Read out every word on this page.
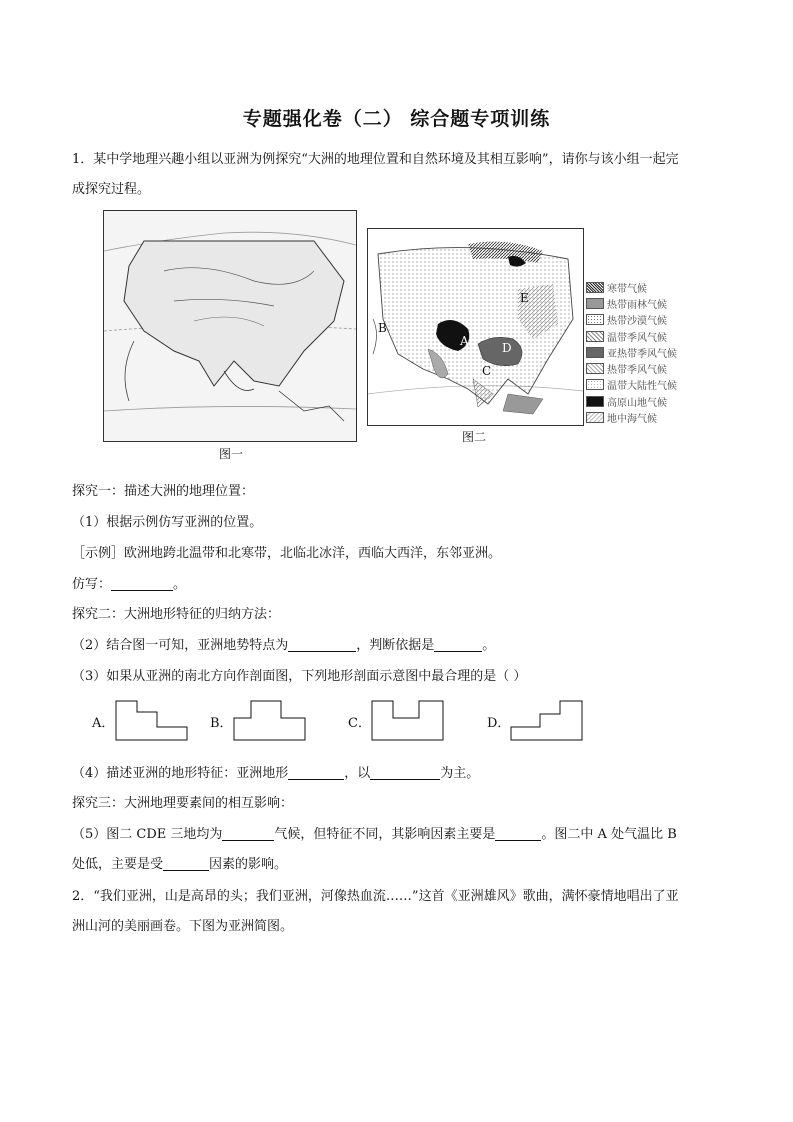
专题强化卷（二） 综合题专项训练
1．某中学地理兴趣小组以亚洲为例探究“大洲的地理位置和自然环境及其相互影响”，请你与该小组一起完
成探究过程。
图一
A
B
C
D
E
图二
寒带气候
热带雨林气候
热带沙漠气候
温带季风气候
亚热带季风气候
热带季风气候
温带大陆性气候
高原山地气候
地中海气候
探究一：描述大洲的地理位置：
（1）根据示例仿写亚洲的位置。
［示例］欧洲地跨北温带和北寒带，北临北冰洋，西临大西洋，东邻亚洲。
仿写：	。
探究二：大洲地形特征的归纳方法：
（2）结合图一可知，亚洲地势特点为	，判断依据是	。
（3）如果从亚洲的南北方向作剖面图，下列地形剖面示意图中最合理的是（ ）
A．	B．	C．	D．
（4）描述亚洲的地形特征：亚洲地形	，以	为主。
探究三：大洲地理要素间的相互影响：
（5）图二 CDE 三地均为	气候，但特征不同，其影响因素主要是	。图二中 A 处气温比 B
处低，主要是受	因素的影响。
2．“我们亚洲，山是高昂的头；我们亚洲，河像热血流……”这首《亚洲雄风》歌曲，满怀豪情地唱出了亚
洲山河的美丽画卷。下图为亚洲简图。
